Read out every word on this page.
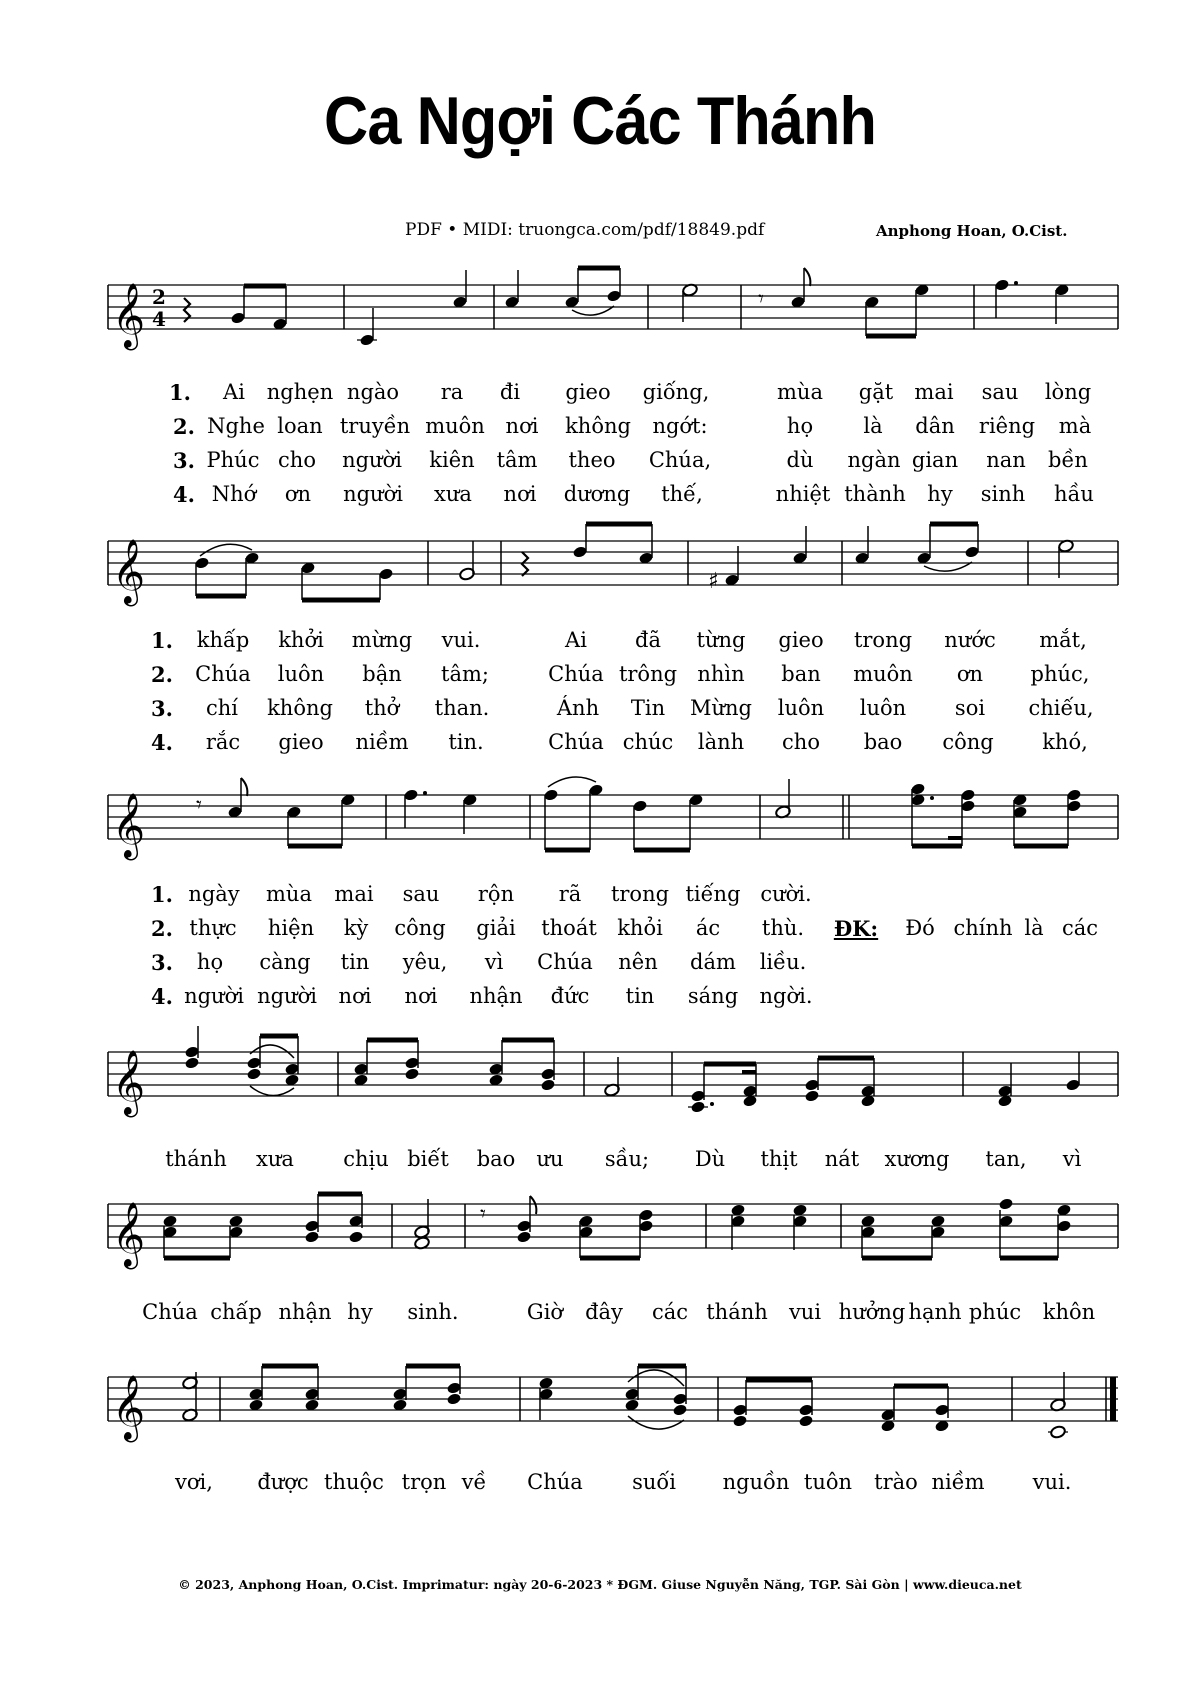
Ca Ngợi Các Thánh
PDF • MIDI: truongca.com/pdf/18849.pdf	Anphong Hoan, O.Cist.
𝄞 2
4
𝄾
1. Ai nghẹn ngào ra đi gieo giống,	mùa gặt mai sau lòng
2. Nghe loan truyền muôn nơi không ngớt:	họ là dân riêng mà
3. Phúc cho người kiên tâm theo Chúa,	dù ngàn gian nan bền
4. Nhớ ơn người xưa nơi dương thế,	nhiệt thành hy sinh hầu
𝄞	♯
1. khấp khởi mừng vui.	Ai đã từng gieo trong nước mắt,
2. Chúa luôn bận tâm;	Chúa trông nhìn ban muôn ơn phúc,
3. chí không thở than.	Ánh Tin Mừng luôn luôn soi chiếu,
4. rắc gieo niềm tin.	Chúa chúc lành cho bao công khó,
𝄞 𝄾
1. ngày mùa mai sau rộn rã trong tiếng cười.
2. thực hiện kỳ công giải thoát khỏi ác thù. ĐK: Đó chính là các
3. họ càng tin yêu, vì Chúa nên dám liều.
4. người người nơi nơi nhận đức tin sáng ngời.
𝄞
thánh xưa chịu biết bao ưu sầu; Dù thịt nát xương tan, vì
𝄞	𝄾
Chúa chấp nhận hy sinh.	Giờ đây các thánh vui hưởng hạnh phúc khôn
𝄞
vơi, được thuộc trọn về Chúa suối nguồn tuôn trào niềm vui.
© 2023, Anphong Hoan, O.Cist. Imprimatur: ngày 20-6-2023 * ĐGM. Giuse Nguyễn Năng, TGP. Sài Gòn | www.dieuca.net
